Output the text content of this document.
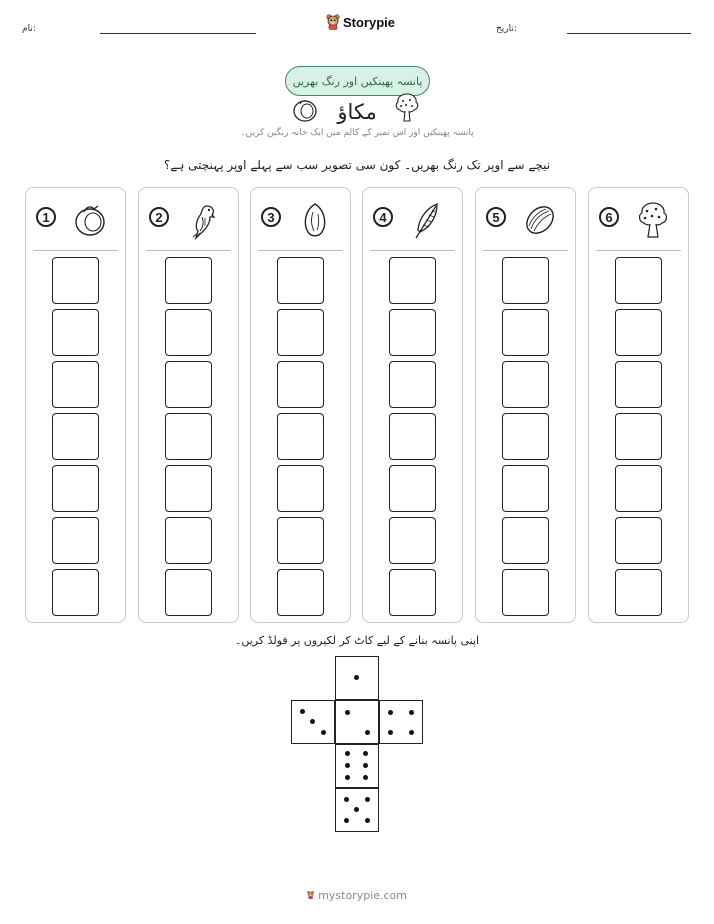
نام:	تاریخ:
Storypie
پانسہ پھینکیں اور رنگ بھریں
مکاؤ
پانسہ پھینکیں اور اس نمبر کے کالم میں ایک خانہ رنگین کریں۔
نیچے سے اوپر تک رنگ بھریں۔ کون سی تصویر سب سے پہلے اوپر پہنچتی ہے؟
1	2	3	4	5	6
اپنی پانسہ بنانے کے لیے کاٹ کر لکیروں پر فولڈ کریں۔
mystorypie.com
